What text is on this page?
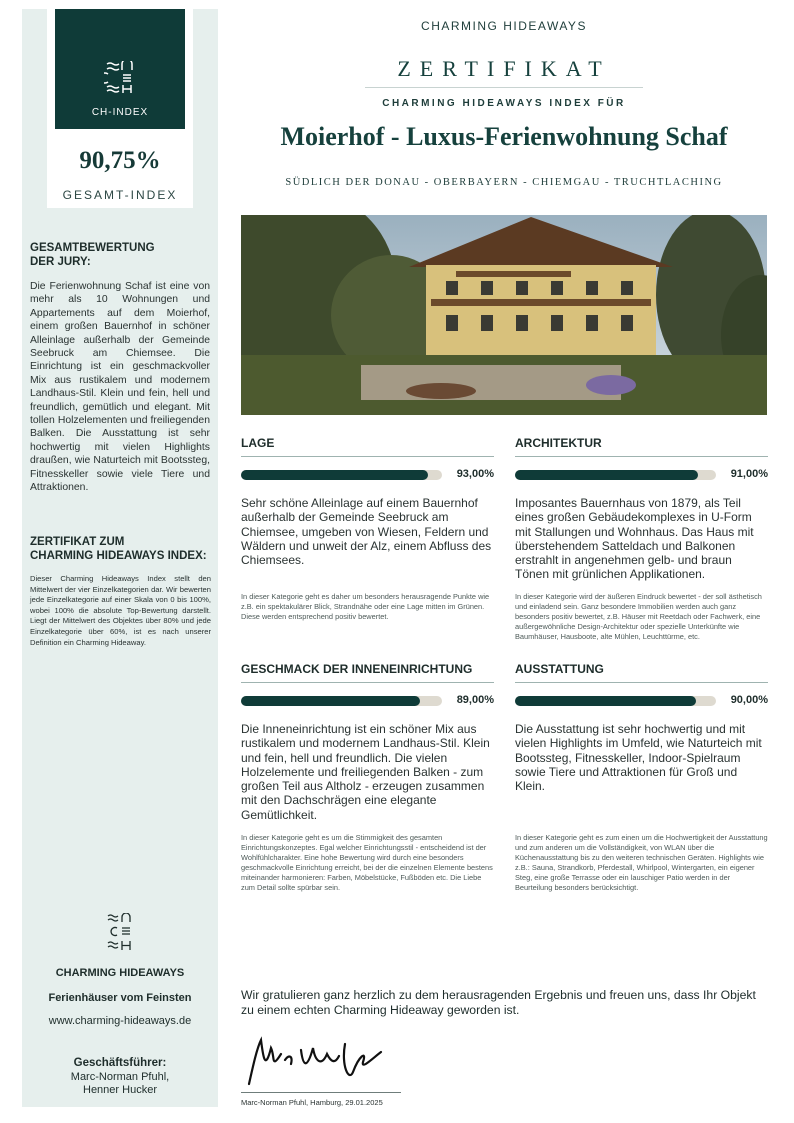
CH-INDEX
90,75%
GESAMT-INDEX
GESAMTBEWERTUNG
DER JURY:
Die Ferienwohnung Schaf ist eine von mehr als 10 Wohnungen und Appartements auf dem Moierhof, einem großen Bauernhof in schöner Alleinlage außerhalb der Gemeinde Seebruck am Chiemsee. Die Einrichtung ist ein geschmackvoller Mix aus rustikalem und modernem Landhaus-Stil. Klein und fein, hell und freundlich, gemütlich und elegant. Mit tollen Holzelementen und freiliegenden Balken. Die Ausstattung ist sehr hochwertig mit vielen Highlights draußen, wie Naturteich mit Bootssteg, Fitnesskeller sowie viele Tiere und Attraktionen.
ZERTIFIKAT ZUM
CHARMING HIDEAWAYS INDEX:
Dieser Charming Hideaways Index stellt den Mittelwert der vier Einzelkategorien dar. Wir bewerten jede Einzelkategorie auf einer Skala von 0 bis 100%, wobei 100% die absolute Top-Bewertung darstellt. Liegt der Mittelwert des Objektes über 80% und jede Einzelkategorie über 60%, ist es nach unserer Definition ein Charming Hideaway.
CHARMING HIDEAWAYS
Ferienhäuser vom Feinsten
www.charming-hideaways.de
Geschäftsführer:
Marc-Norman Pfuhl,
Henner Hucker
CHARMING HIDEAWAYS
ZERTIFIKAT
CHARMING HIDEAWAYS INDEX FÜR
Moierhof - Luxus-Ferienwohnung Schaf
SÜDLICH DER DONAU - OBERBAYERN - CHIEMGAU - TRUCHTLACHING
LAGE
93,00%
Sehr schöne Alleinlage auf einem Bauernhof außerhalb der Gemeinde Seebruck am Chiemsee, umgeben von Wiesen, Feldern und Wäldern und unweit der Alz, einem Abfluss des Chiemsees.
In dieser Kategorie geht es daher um besonders herausragende Punkte wie z.B. ein spektakulärer Blick, Strandnähe oder eine Lage mitten im Grünen. Diese werden entsprechend positiv bewertet.
ARCHITEKTUR
91,00%
Imposantes Bauernhaus von 1879, als Teil eines großen Gebäudekomplexes in U-Form mit Stallungen und Wohnhaus. Das Haus mit überstehendem Satteldach und Balkonen erstrahlt in angenehmen gelb- und braun Tönen mit grünlichen Applikationen.
In dieser Kategorie wird der äußeren Eindruck bewertet - der soll ästhetisch und einladend sein. Ganz besondere Immobilien werden auch ganz besonders positiv bewertet, z.B. Häuser mit Reetdach oder Fachwerk, eine außergewöhnliche Design-Architektur oder spezielle Unterkünfte wie Baumhäuser, Hausboote, alte Mühlen, Leuchttürme, etc.
GESCHMACK DER INNENEINRICHTUNG
89,00%
Die Inneneinrichtung ist ein schöner Mix aus rustikalem und modernem Landhaus-Stil. Klein und fein, hell und freundlich. Die vielen Holzelemente und freiliegenden Balken - zum großen Teil aus Altholz - erzeugen zusammen mit den Dachschrägen eine elegante Gemütlichkeit.
In dieser Kategorie geht es um die Stimmigkeit des gesamten Einrichtungskonzeptes. Egal welcher Einrichtungsstil - entscheidend ist der Wohlfühlcharakter. Eine hohe Bewertung wird durch eine besonders geschmackvolle Einrichtung erreicht, bei der die einzelnen Elemente bestens miteinander harmonieren: Farben, Möbelstücke, Fußböden etc. Die Liebe zum Detail sollte spürbar sein.
AUSSTATTUNG
90,00%
Die Ausstattung ist sehr hochwertig und mit vielen Highlights im Umfeld, wie Naturteich mit Bootssteg, Fitnesskeller, Indoor-Spielraum sowie Tiere und Attraktionen für Groß und Klein.
In dieser Kategorie geht es zum einen um die Hochwertigkeit der Ausstattung und zum anderen um die Vollständigkeit, von WLAN über die Küchenausstattung bis zu den weiteren technischen Geräten. Highlights wie z.B.: Sauna, Strandkorb, Pferdestall, Whirlpool, Wintergarten, ein eigener Steg, eine große Terrasse oder ein lauschiger Patio werden in der Beurteilung besonders berücksichtigt.
Wir gratulieren ganz herzlich zu dem herausragenden Ergebnis und freuen uns, dass Ihr Objekt zu einem echten Charming Hideaway geworden ist.
Marc-Norman Pfuhl, Hamburg, 29.01.2025
